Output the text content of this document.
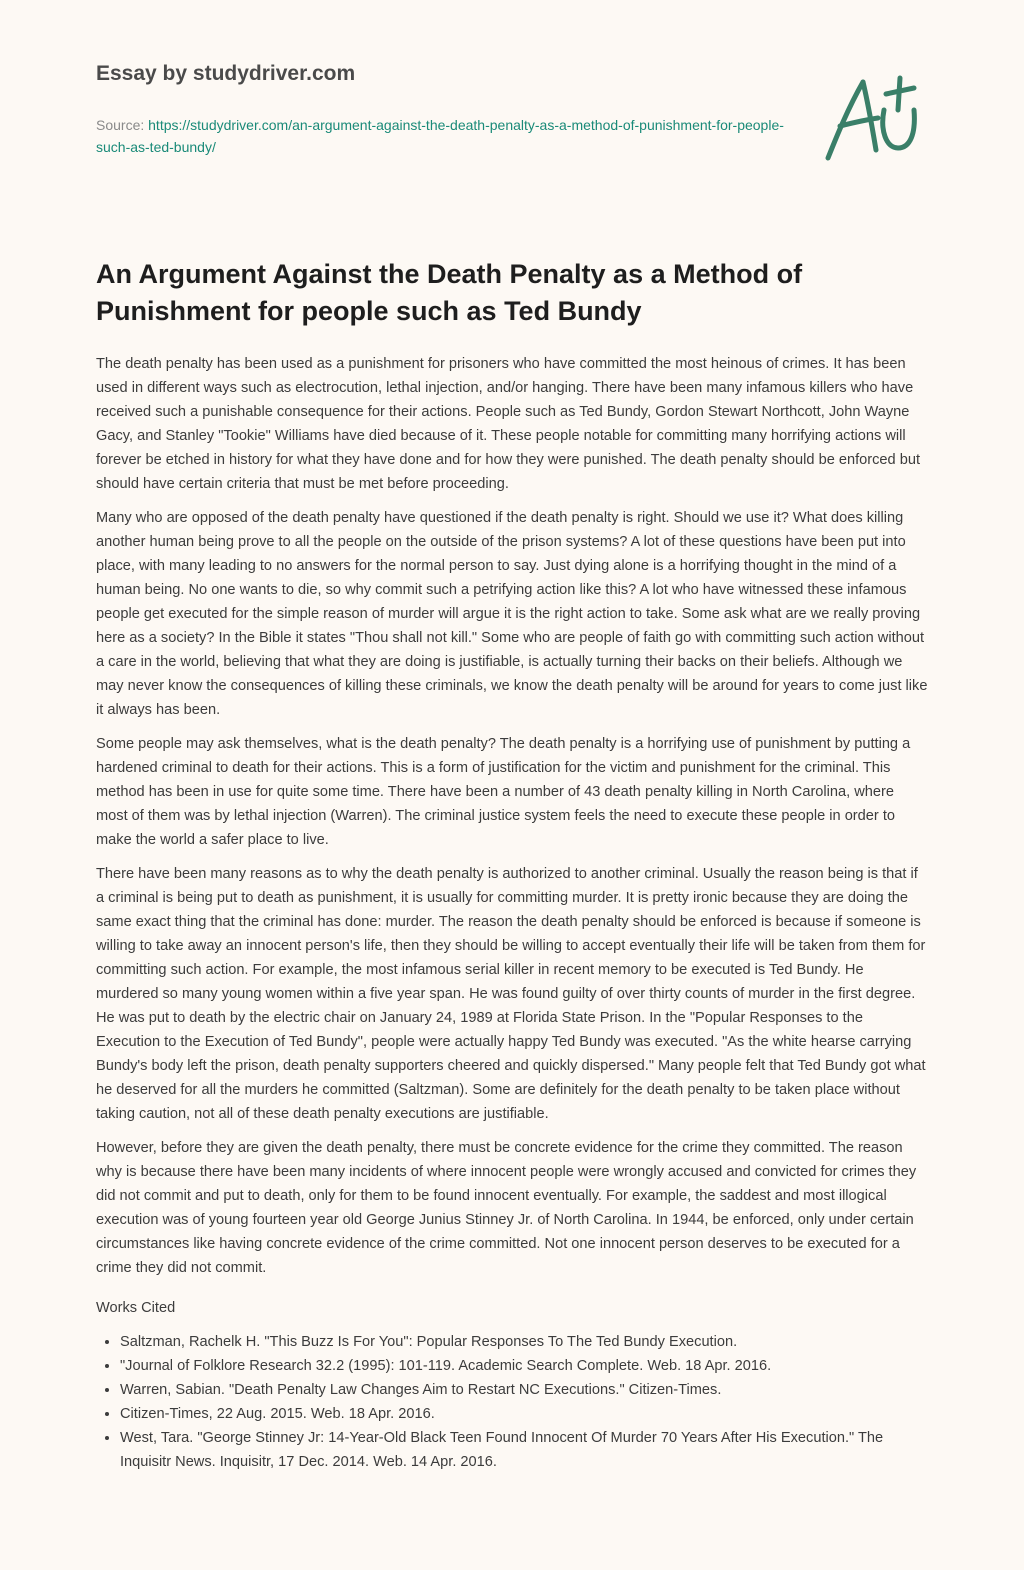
Essay by studydriver.com
Source: https://studydriver.com/an-argument-against-the-death-penalty-as-a-method-of-punishment-for-people-such-as-ted-bundy/
An Argument Against the Death Penalty as a Method of Punishment for people such as Ted Bundy

The death penalty has been used as a punishment for prisoners who have committed the most heinous of crimes. It has been used in different ways such as electrocution, lethal injection, and/or hanging. There have been many infamous killers who have received such a punishable consequence for their actions. People such as Ted Bundy, Gordon Stewart Northcott, John Wayne Gacy, and Stanley "Tookie" Williams have died because of it. These people notable for committing many horrifying actions will forever be etched in history for what they have done and for how they were punished. The death penalty should be enforced but should have certain criteria that must be met before proceeding.

Many who are opposed of the death penalty have questioned if the death penalty is right. Should we use it? What does killing another human being prove to all the people on the outside of the prison systems? A lot of these questions have been put into place, with many leading to no answers for the normal person to say. Just dying alone is a horrifying thought in the mind of a human being. No one wants to die, so why commit such a petrifying action like this? A lot who have witnessed these infamous people get executed for the simple reason of murder will argue it is the right action to take. Some ask what are we really proving here as a society? In the Bible it states "Thou shall not kill." Some who are people of faith go with committing such action without a care in the world, believing that what they are doing is justifiable, is actually turning their backs on their beliefs. Although we may never know the consequences of killing these criminals, we know the death penalty will be around for years to come just like it always has been.

Some people may ask themselves, what is the death penalty? The death penalty is a horrifying use of punishment by putting a hardened criminal to death for their actions. This is a form of justification for the victim and punishment for the criminal. This method has been in use for quite some time. There have been a number of 43 death penalty killing in North Carolina, where most of them was by lethal injection (Warren). The criminal justice system feels the need to execute these people in order to make the world a safer place to live.

There have been many reasons as to why the death penalty is authorized to another criminal. Usually the reason being is that if a criminal is being put to death as punishment, it is usually for committing murder. It is pretty ironic because they are doing the same exact thing that the criminal has done: murder. The reason the death penalty should be enforced is because if someone is willing to take away an innocent person's life, then they should be willing to accept eventually their life will be taken from them for committing such action. For example, the most infamous serial killer in recent memory to be executed is Ted Bundy. He murdered so many young women within a five year span. He was found guilty of over thirty counts of murder in the first degree. He was put to death by the electric chair on January 24, 1989 at Florida State Prison. In the "Popular Responses to the Execution to the Execution of Ted Bundy", people were actually happy Ted Bundy was executed. "As the white hearse carrying Bundy's body left the prison, death penalty supporters cheered and quickly dispersed." Many people felt that Ted Bundy got what he deserved for all the murders he committed (Saltzman). Some are definitely for the death penalty to be taken place without taking caution, not all of these death penalty executions are justifiable.

However, before they are given the death penalty, there must be concrete evidence for the crime they committed. The reason why is because there have been many incidents of where innocent people were wrongly accused and convicted for crimes they did not commit and put to death, only for them to be found innocent eventually. For example, the saddest and most illogical execution was of young fourteen year old George Junius Stinney Jr. of North Carolina. In 1944, be enforced, only under certain circumstances like having concrete evidence of the crime committed. Not one innocent person deserves to be executed for a crime they did not commit.

Works Cited

• Saltzman, Rachelk H. "This Buzz Is For You": Popular Responses To The Ted Bundy Execution.
• "Journal of Folklore Research 32.2 (1995): 101-119. Academic Search Complete. Web. 18 Apr. 2016.
• Warren, Sabian. "Death Penalty Law Changes Aim to Restart NC Executions." Citizen-Times.
• Citizen-Times, 22 Aug. 2015. Web. 18 Apr. 2016.
• West, Tara. "George Stinney Jr: 14-Year-Old Black Teen Found Innocent Of Murder 70 Years After His Execution." The Inquisitr News. Inquisitr, 17 Dec. 2014. Web. 14 Apr. 2016.
